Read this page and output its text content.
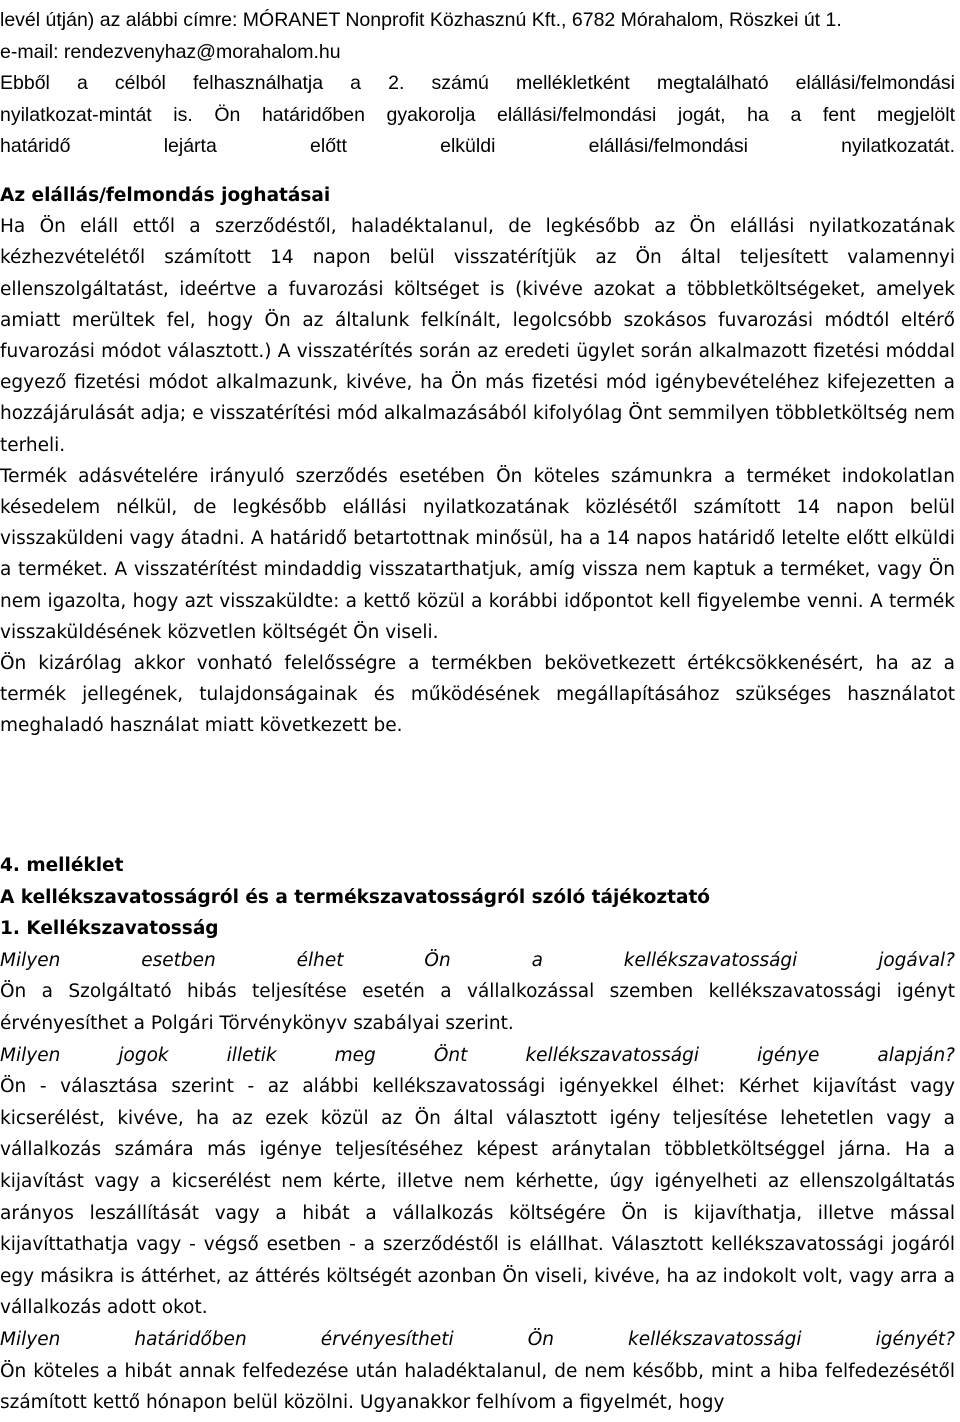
levél útján) az alábbi címre: MÓRANET Nonprofit Közhasznú Kft., 6782 Mórahalom, Röszkei út 1.
e-mail: rendezvenyhaz@morahalom.hu
Ebből a célból felhasználhatja a 2. számú mellékletként megtalálható elállási/felmondási
nyilatkozat-mintát is. Ön határidőben gyakorolja elállási/felmondási jogát, ha a fent megjelölt
határidő lejárta előtt elküldi elállási/felmondási nyilatkozatát.

Az elállás/felmondás joghatásai

Ha Ön eláll ettől a szerződéstől, haladéktalanul, de legkésőbb az Ön elállási nyilatkozatának kézhezvételétől számított 14 napon belül visszatérítjük az Ön által teljesített valamennyi ellenszolgáltatást, ideértve a fuvarozási költséget is (kivéve azokat a többletköltségeket, amelyek amiatt merültek fel, hogy Ön az általunk felkínált, legolcsóbb szokásos fuvarozási módtól eltérő fuvarozási módot választott.) A visszatérítés során az eredeti ügylet során alkalmazott fizetési móddal egyező fizetési módot alkalmazunk, kivéve, ha Ön más fizetési mód igénybevételéhez kifejezetten a hozzájárulását adja; e visszatérítési mód alkalmazásából kifolyólag Önt semmilyen többletköltség nem terheli.

Termék adásvételére irányuló szerződés esetében Ön köteles számunkra a terméket indokolatlan késedelem nélkül, de legkésőbb elállási nyilatkozatának közlésétől számított 14 napon belül visszaküldeni vagy átadni. A határidő betartottnak minősül, ha a 14 napos határidő letelte előtt elküldi a terméket. A visszatérítést mindaddig visszatarthatjuk, amíg vissza nem kaptuk a terméket, vagy Ön nem igazolta, hogy azt visszaküldte: a kettő közül a korábbi időpontot kell figyelembe venni. A termék visszaküldésének közvetlen költségét Ön viseli.

Ön kizárólag akkor vonható felelősségre a termékben bekövetkezett értékcsökkenésért, ha az a termék jellegének, tulajdonságainak és működésének megállapításához szükséges használatot meghaladó használat miatt következett be.

4. melléklet

A kellékszavatosságról és a termékszavatosságról szóló tájékoztató

1. Kellékszavatosság

Milyen esetben élhet Ön a kellékszavatossági jogával?

Ön a Szolgáltató hibás teljesítése esetén a vállalkozással szemben kellékszavatossági igényt érvényesíthet a Polgári Törvénykönyv szabályai szerint.

Milyen jogok illetik meg Önt kellékszavatossági igénye alapján?

Ön - választása szerint - az alábbi kellékszavatossági igényekkel élhet: Kérhet kijavítást vagy kicserélést, kivéve, ha az ezek közül az Ön által választott igény teljesítése lehetetlen vagy a vállalkozás számára más igénye teljesítéséhez képest aránytalan többletköltséggel járna. Ha a kijavítást vagy a kicserélést nem kérte, illetve nem kérhette, úgy igényelheti az ellenszolgáltatás arányos leszállítását vagy a hibát a vállalkozás költségére Ön is kijavíthatja, illetve mással kijavíttathatja vagy - végső esetben - a szerződéstől is elállhat. Választott kellékszavatossági jogáról egy másikra is áttérhet, az áttérés költségét azonban Ön viseli, kivéve, ha az indokolt volt, vagy arra a vállalkozás adott okot.

Milyen határidőben érvényesítheti Ön kellékszavatossági igényét?

Ön köteles a hibát annak felfedezése után haladéktalanul, de nem később, mint a hiba felfedezésétől számított kettő hónapon belül közölni. Ugyanakkor felhívom a figyelmét, hogy
